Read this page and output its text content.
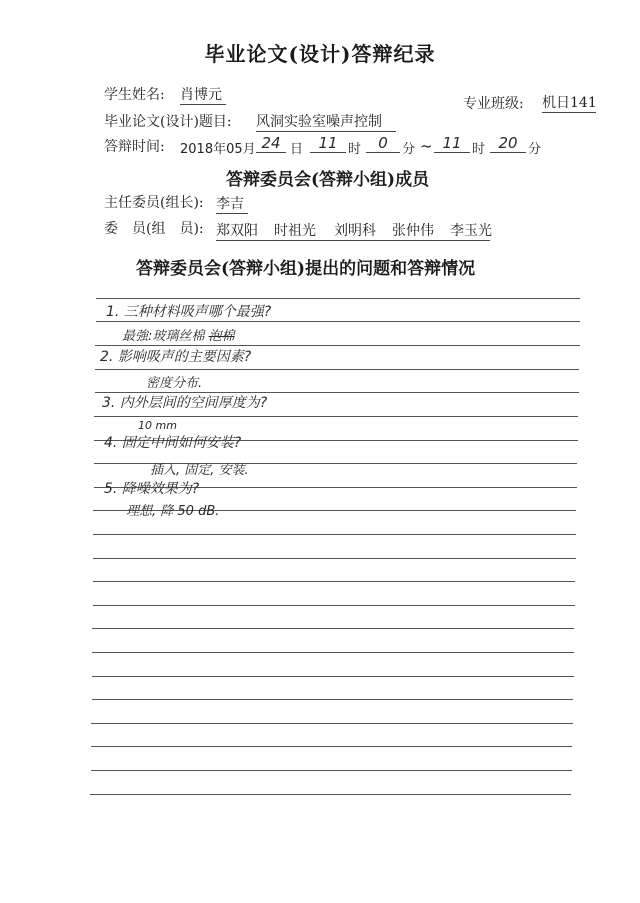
毕业论文(设计)答辩纪录
学生姓名: 肖博元
专业班级: 机日141
毕业论文(设计)题目: 风洞实验室噪声控制
答辩时间: 2018年05月 24 日	11 时	0	分 ~ 11 时 20 分
答辩委员会(答辩小组)成员
主任委员(组长): 李吉
委　员(组　员): 郑双阳 时祖光 刘明科 张仲伟 李玉光
答辩委员会(答辩小组)提出的问题和答辩情况
1. 三种材料吸声哪个最强?
最強:玻璃丝棉 泡棉
2. 影响吸声的主要因素?
密度分布.
3. 内外层间的空间厚度为?
10 mm
4. 固定中间如何安装?
插入, 固定, 安装.
5. 降噪效果为?
理想, 降 50 dB.
